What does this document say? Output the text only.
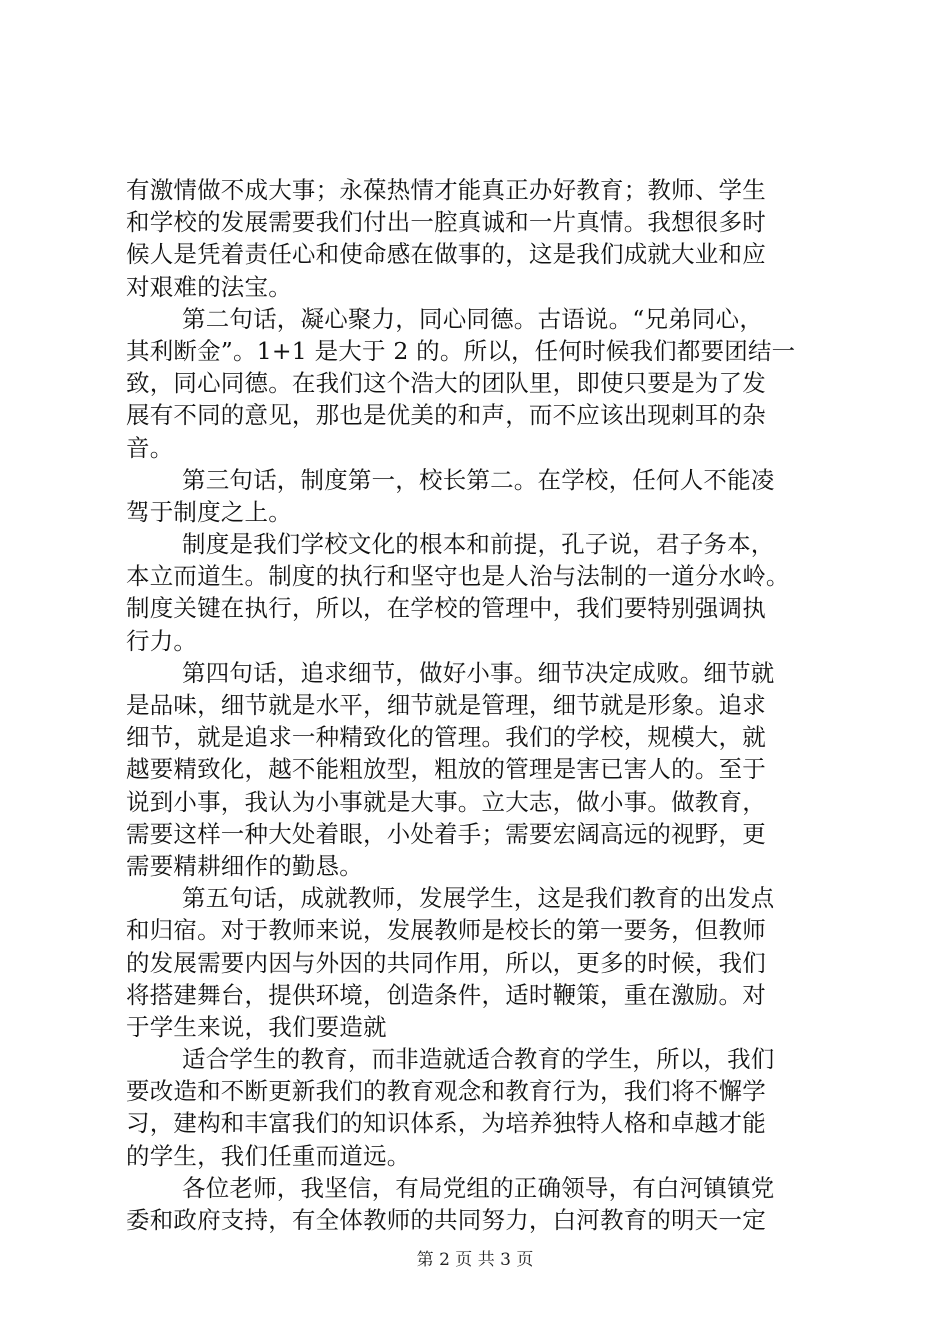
有激情做不成大事；永葆热情才能真正办好教育；教师、学生
和学校的发展需要我们付出一腔真诚和一片真情。我想很多时
候人是凭着责任心和使命感在做事的，这是我们成就大业和应
对艰难的法宝。
第二句话，凝心聚力，同心同德。古语说。“兄弟同心，
其利断金”。1+1 是大于 2 的。所以，任何时候我们都要团结一
致，同心同德。在我们这个浩大的团队里，即使只要是为了发
展有不同的意见，那也是优美的和声，而不应该出现刺耳的杂
音。
第三句话，制度第一，校长第二。在学校，任何人不能凌
驾于制度之上。
制度是我们学校文化的根本和前提，孔子说，君子务本，
本立而道生。制度的执行和坚守也是人治与法制的一道分水岭。
制度关键在执行，所以，在学校的管理中，我们要特别强调执
行力。
第四句话，追求细节，做好小事。细节决定成败。细节就
是品味，细节就是水平，细节就是管理，细节就是形象。追求
细节，就是追求一种精致化的管理。我们的学校，规模大，就
越要精致化，越不能粗放型，粗放的管理是害已害人的。至于
说到小事，我认为小事就是大事。立大志，做小事。做教育，
需要这样一种大处着眼，小处着手；需要宏阔高远的视野，更
需要精耕细作的勤恳。
第五句话，成就教师，发展学生，这是我们教育的出发点
和归宿。对于教师来说，发展教师是校长的第一要务，但教师
的发展需要内因与外因的共同作用，所以，更多的时候，我们
将搭建舞台，提供环境，创造条件，适时鞭策，重在激励。对
于学生来说，我们要造就
适合学生的教育，而非造就适合教育的学生，所以，我们
要改造和不断更新我们的教育观念和教育行为，我们将不懈学
习，建构和丰富我们的知识体系，为培养独特人格和卓越才能
的学生，我们任重而道远。
各位老师，我坚信，有局党组的正确领导，有白河镇镇党
委和政府支持，有全体教师的共同努力，白河教育的明天一定
第 2 页 共 3 页
